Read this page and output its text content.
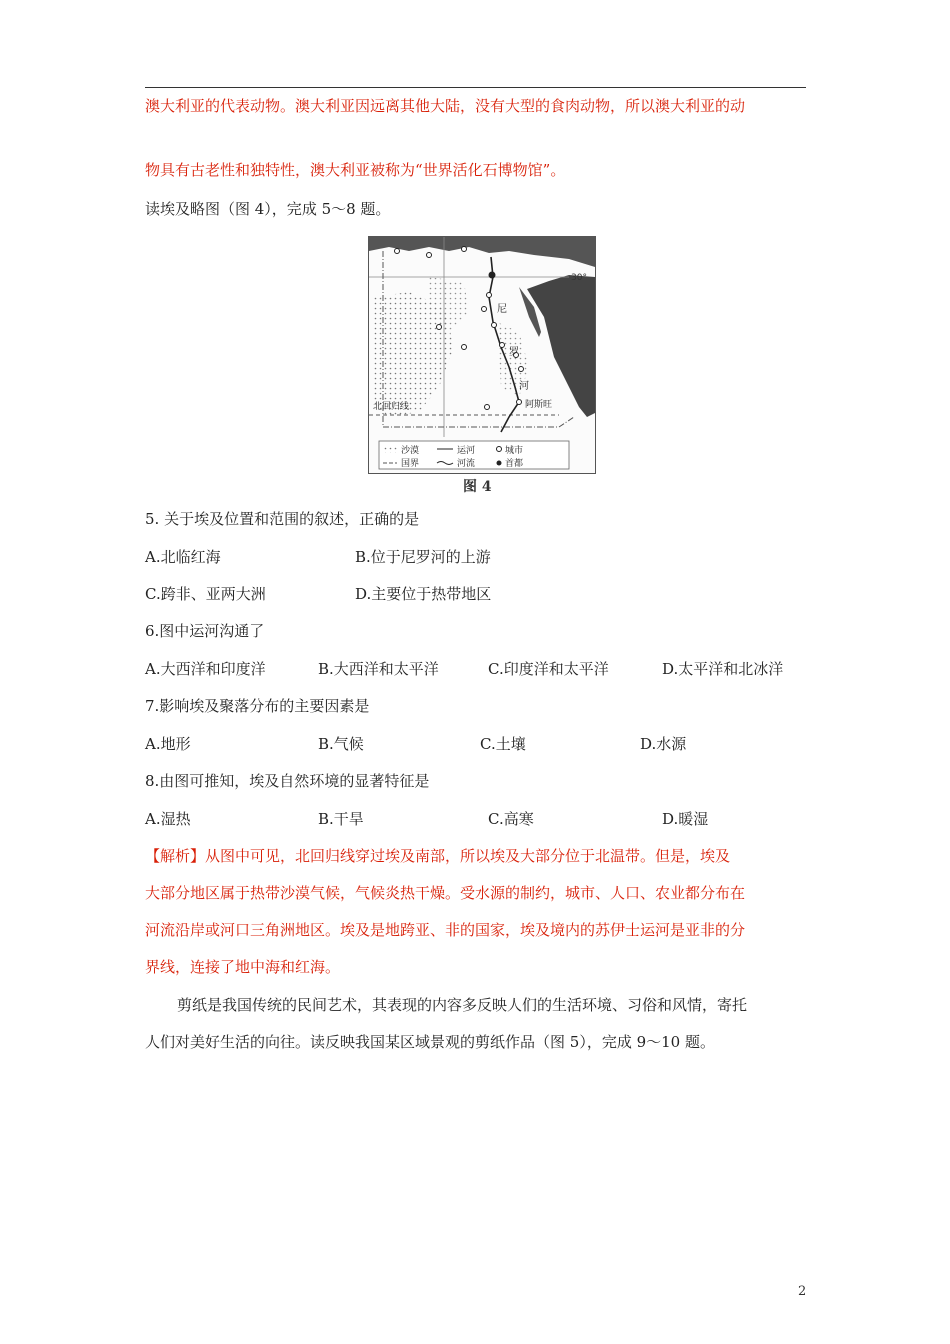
澳大利亚的代表动物。澳大利亚因远离其他大陆，没有大型的食肉动物，所以澳大利亚的动
物具有古老性和独特性，澳大利亚被称为“世界活化石博物馆”。
读埃及略图（图 4），完成 5～8 题。
30°
尼
罗
河
阿斯旺
北回归线
沙漠	运河	城市
国界	河流	首都
图 4
5. 关于埃及位置和范围的叙述，正确的是
A.北临红海	B.位于尼罗河的上游
C.跨非、亚两大洲	D.主要位于热带地区
6.图中运河沟通了
A.大西洋和印度洋	B.大西洋和太平洋	C.印度洋和太平洋	D.太平洋和北冰洋
7.影响埃及聚落分布的主要因素是
A.地形	B.气候	C.土壤	D.水源
8.由图可推知，埃及自然环境的显著特征是
A.湿热	B.干旱	C.高寒	D.暖湿
【解析】从图中可见，北回归线穿过埃及南部，所以埃及大部分位于北温带。但是，埃及
大部分地区属于热带沙漠气候，气候炎热干燥。受水源的制约，城市、人口、农业都分布在
河流沿岸或河口三角洲地区。埃及是地跨亚、非的国家，埃及境内的苏伊士运河是亚非的分
界线，连接了地中海和红海。
剪纸是我国传统的民间艺术，其表现的内容多反映人们的生活环境、习俗和风情，寄托
人们对美好生活的向往。读反映我国某区域景观的剪纸作品（图 5），完成 9～10 题。
2
